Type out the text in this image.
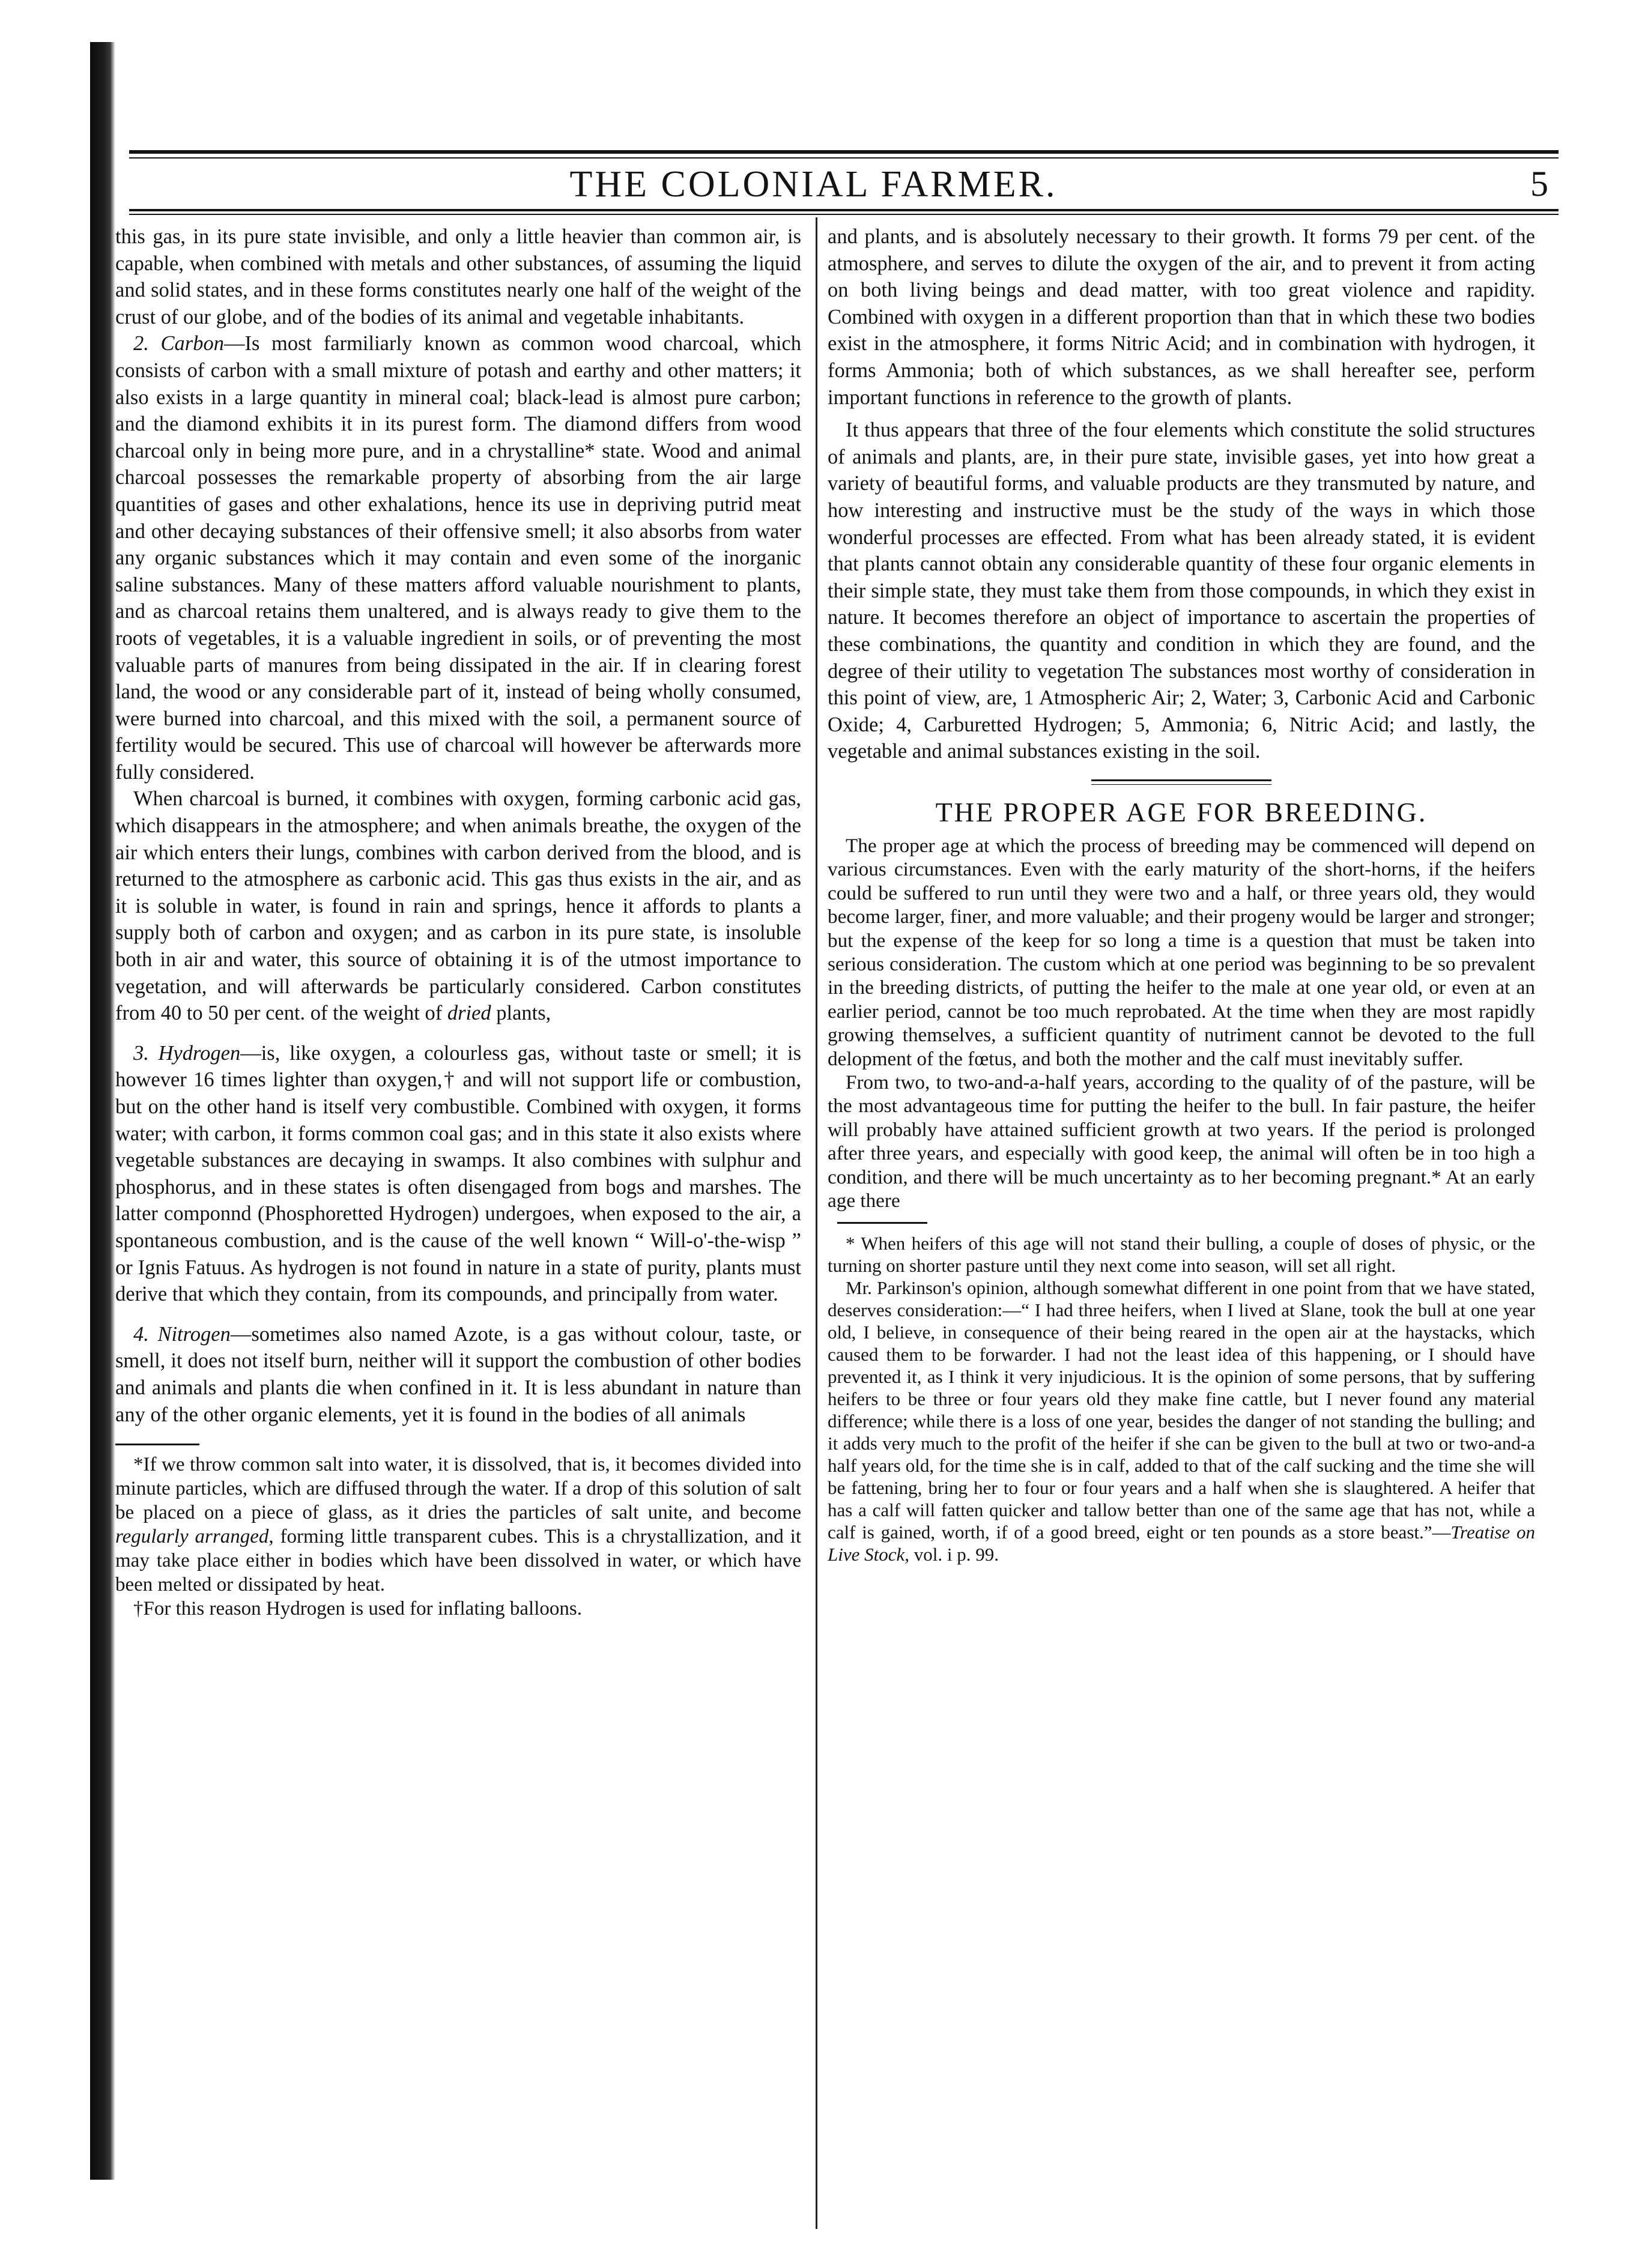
THE COLONIAL FARMER.	5

this gas, in its pure state invisible, and only a little heavier than common air, is capable, when combined with metals and other substances, of assuming the liquid and solid states, and in these forms constitutes nearly one half of the weight of the crust of our globe, and of the bodies of its animal and vegetable inhabitants.

2. Carbon—Is most farmiliarly known as common wood charcoal, which consists of carbon with a small mixture of potash and earthy and other matters; it also exists in a large quantity in mineral coal; black-lead is almost pure carbon; and the diamond exhibits it in its purest form. The diamond differs from wood charcoal only in being more pure, and in a chrystalline* state. Wood and animal charcoal possesses the remarkable property of absorbing from the air large quantities of gases and other exhalations, hence its use in depriving putrid meat and other decaying substances of their offensive smell; it also absorbs from water any organic substances which it may contain and even some of the inorganic saline substances. Many of these matters afford valuable nourishment to plants, and as charcoal retains them unaltered, and is always ready to give them to the roots of vegetables, it is a valuable ingredient in soils, or of preventing the most valuable parts of manures from being dissipated in the air. If in clearing forest land, the wood or any considerable part of it, instead of being wholly consumed, were burned into charcoal, and this mixed with the soil, a permanent source of fertility would be secured. This use of charcoal will however be afterwards more fully considered.

When charcoal is burned, it combines with oxygen, forming carbonic acid gas, which disappears in the atmosphere; and when animals breathe, the oxygen of the air which enters their lungs, combines with carbon derived from the blood, and is returned to the atmosphere as carbonic acid. This gas thus exists in the air, and as it is soluble in water, is found in rain and springs, hence it affords to plants a supply both of carbon and oxygen; and as carbon in its pure state, is insoluble both in air and water, this source of obtaining it is of the utmost importance to vegetation, and will afterwards be particularly considered. Carbon constitutes from 40 to 50 per cent. of the weight of dried plants,

3. Hydrogen—is, like oxygen, a colourless gas, without taste or smell; it is however 16 times lighter than oxygen,† and will not support life or combustion, but on the other hand is itself very combustible. Combined with oxygen, it forms water; with carbon, it forms common coal gas; and in this state it also exists where vegetable substances are decaying in swamps. It also combines with sulphur and phosphorus, and in these states is often disengaged from bogs and marshes. The latter componnd (Phosphoretted Hydrogen) undergoes, when exposed to the air, a spontaneous combustion, and is the cause of the well known “ Will-o'-the-wisp ” or Ignis Fatuus. As hydrogen is not found in nature in a state of purity, plants must derive that which they contain, from its compounds, and principally from water.

4. Nitrogen—sometimes also named Azote, is a gas without colour, taste, or smell, it does not itself burn, neither will it support the combustion of other bodies and animals and plants die when confined in it. It is less abundant in nature than any of the other organic elements, yet it is found in the bodies of all animals

*If we throw common salt into water, it is dissolved, that is, it becomes divided into minute particles, which are diffused through the water. If a drop of this solution of salt be placed on a piece of glass, as it dries the particles of salt unite, and become regularly arranged, forming little transparent cubes. This is a chrystallization, and it may take place either in bodies which have been dissolved in water, or which have been melted or dissipated by heat.

†For this reason Hydrogen is used for inflating balloons.

and plants, and is absolutely necessary to their growth. It forms 79 per cent. of the atmosphere, and serves to dilute the oxygen of the air, and to prevent it from acting on both living beings and dead matter, with too great violence and rapidity. Combined with oxygen in a different proportion than that in which these two bodies exist in the atmosphere, it forms Nitric Acid; and in combination with hydrogen, it forms Ammonia; both of which substances, as we shall hereafter see, perform important functions in reference to the growth of plants.

It thus appears that three of the four elements which constitute the solid structures of animals and plants, are, in their pure state, invisible gases, yet into how great a variety of beautiful forms, and valuable products are they transmuted by nature, and how interesting and instructive must be the study of the ways in which those wonderful processes are effected. From what has been already stated, it is evident that plants cannot obtain any considerable quantity of these four organic elements in their simple state, they must take them from those compounds, in which they exist in nature. It becomes therefore an object of importance to ascertain the properties of these combinations, the quantity and condition in which they are found, and the degree of their utility to vegetation The substances most worthy of consideration in this point of view, are, 1 Atmospheric Air; 2, Water; 3, Carbonic Acid and Carbonic Oxide; 4, Carburetted Hydrogen; 5, Ammonia; 6, Nitric Acid; and lastly, the vegetable and animal substances existing in the soil.

THE PROPER AGE FOR BREEDING.

The proper age at which the process of breeding may be commenced will depend on various circumstances. Even with the early maturity of the short-horns, if the heifers could be suffered to run until they were two and a half, or three years old, they would become larger, finer, and more valuable; and their progeny would be larger and stronger; but the expense of the keep for so long a time is a question that must be taken into serious consideration. The custom which at one period was beginning to be so prevalent in the breeding districts, of putting the heifer to the male at one year old, or even at an earlier period, cannot be too much reprobated. At the time when they are most rapidly growing themselves, a sufficient quantity of nutriment cannot be devoted to the full delopment of the fœtus, and both the mother and the calf must inevitably suffer.

From two, to two-and-a-half years, according to the quality of of the pasture, will be the most advantageous time for putting the heifer to the bull. In fair pasture, the heifer will probably have attained sufficient growth at two years. If the period is prolonged after three years, and especially with good keep, the animal will often be in too high a condition, and there will be much uncertainty as to her becoming pregnant.* At an early age there

* When heifers of this age will not stand their bulling, a couple of doses of physic, or the turning on shorter pasture until they next come into season, will set all right.

Mr. Parkinson's opinion, although somewhat different in one point from that we have stated, deserves consideration:—“ I had three heifers, when I lived at Slane, took the bull at one year old, I believe, in consequence of their being reared in the open air at the haystacks, which caused them to be forwarder. I had not the least idea of this happening, or I should have prevented it, as I think it very injudicious. It is the opinion of some persons, that by suffering heifers to be three or four years old they make fine cattle, but I never found any material difference; while there is a loss of one year, besides the danger of not standing the bulling; and it adds very much to the profit of the heifer if she can be given to the bull at two or two-and-a half years old, for the time she is in calf, added to that of the calf sucking and the time she will be fattening, bring her to four or four years and a half when she is slaughtered. A heifer that has a calf will fatten quicker and tallow better than one of the same age that has not, while a calf is gained, worth, if of a good breed, eight or ten pounds as a store beast.”—Treatise on Live Stock, vol. i p. 99.
